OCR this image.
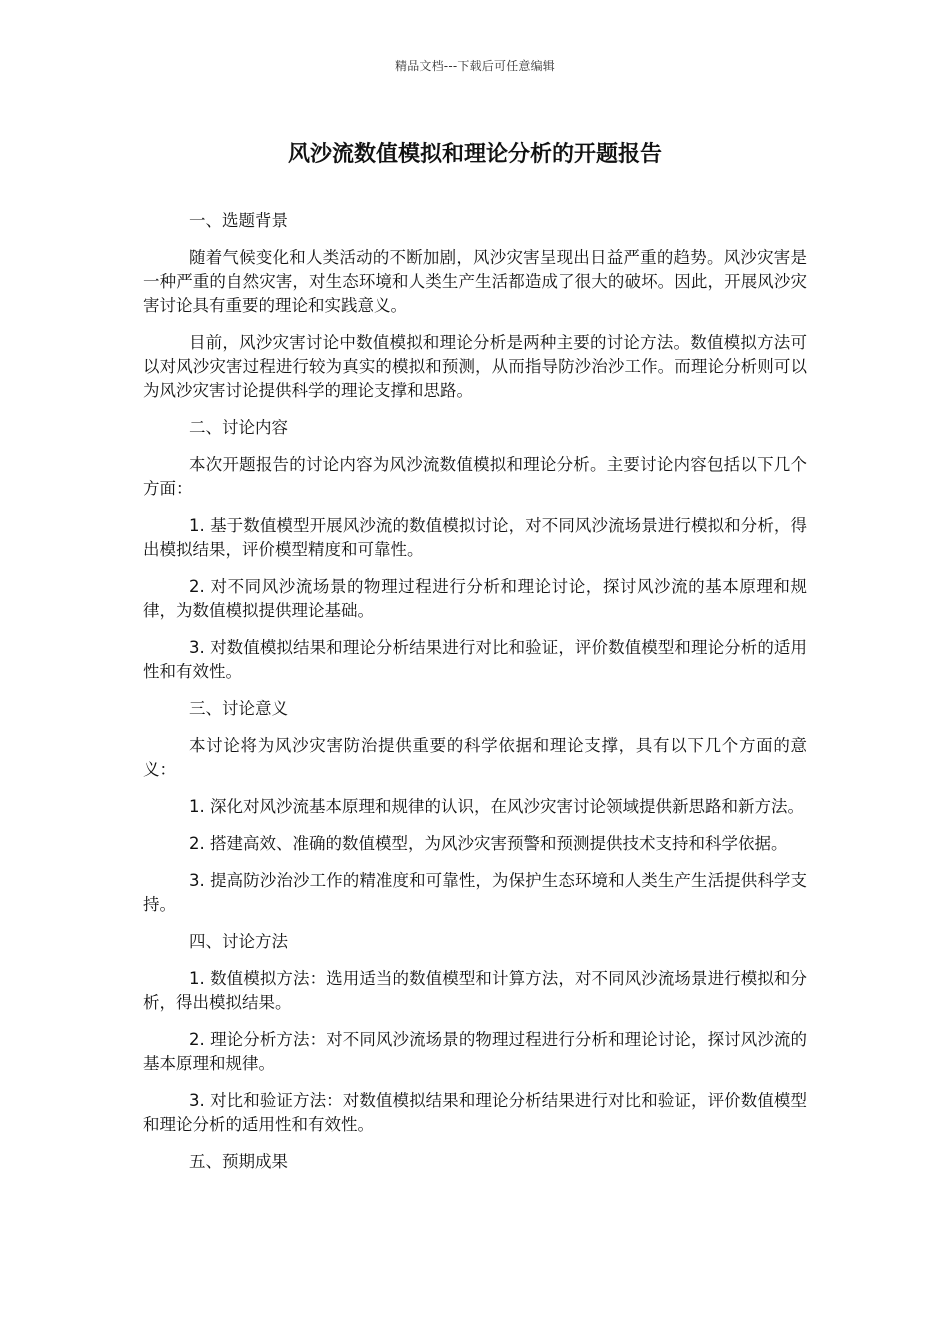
精品文档---下载后可任意编辑
风沙流数值模拟和理论分析的开题报告

一、选题背景

随着气候变化和人类活动的不断加剧，风沙灾害呈现出日益严重的趋势。风沙灾害是一种严重的自然灾害，对生态环境和人类生产生活都造成了很大的破坏。因此，开展风沙灾害讨论具有重要的理论和实践意义。

目前，风沙灾害讨论中数值模拟和理论分析是两种主要的讨论方法。数值模拟方法可以对风沙灾害过程进行较为真实的模拟和预测，从而指导防沙治沙工作。而理论分析则可以为风沙灾害讨论提供科学的理论支撑和思路。

二、讨论内容

本次开题报告的讨论内容为风沙流数值模拟和理论分析。主要讨论内容包括以下几个方面：

1. 基于数值模型开展风沙流的数值模拟讨论，对不同风沙流场景进行模拟和分析，得出模拟结果，评价模型精度和可靠性。

2. 对不同风沙流场景的物理过程进行分析和理论讨论，探讨风沙流的基本原理和规律，为数值模拟提供理论基础。

3. 对数值模拟结果和理论分析结果进行对比和验证，评价数值模型和理论分析的适用性和有效性。

三、讨论意义

本讨论将为风沙灾害防治提供重要的科学依据和理论支撑，具有以下几个方面的意义：

1. 深化对风沙流基本原理和规律的认识，在风沙灾害讨论领域提供新思路和新方法。

2. 搭建高效、准确的数值模型，为风沙灾害预警和预测提供技术支持和科学依据。

3. 提高防沙治沙工作的精准度和可靠性，为保护生态环境和人类生产生活提供科学支持。

四、讨论方法

1. 数值模拟方法：选用适当的数值模型和计算方法，对不同风沙流场景进行模拟和分析，得出模拟结果。

2. 理论分析方法：对不同风沙流场景的物理过程进行分析和理论讨论，探讨风沙流的基本原理和规律。

3. 对比和验证方法：对数值模拟结果和理论分析结果进行对比和验证，评价数值模型和理论分析的适用性和有效性。

五、预期成果
